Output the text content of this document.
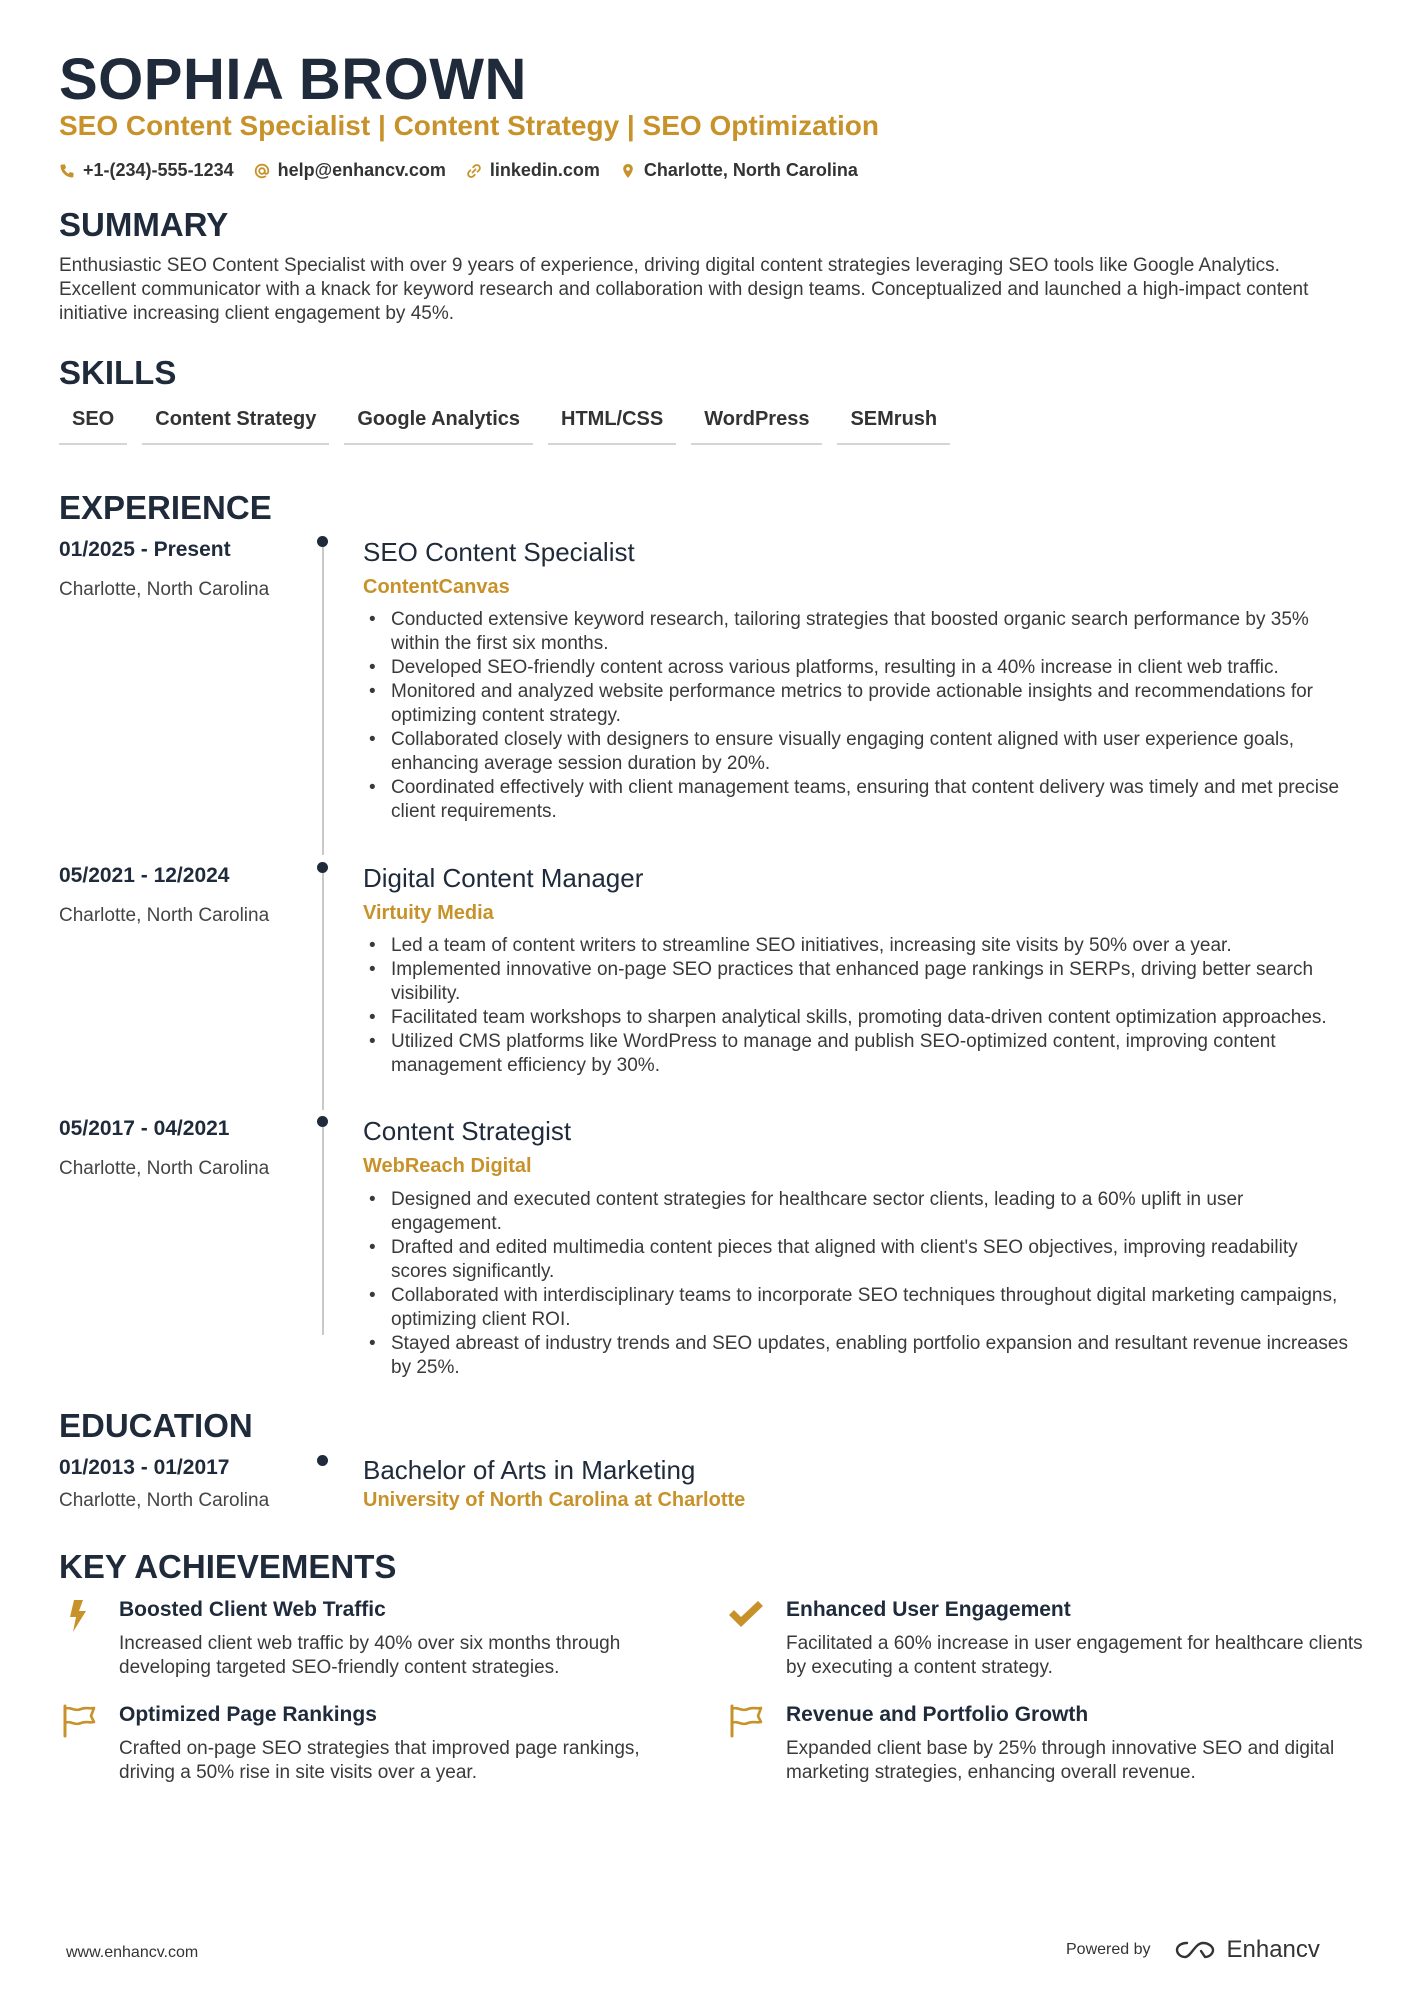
SOPHIA BROWN
SEO Content Specialist | Content Strategy | SEO Optimization
+1-(234)-555-1234 help@enhancv.com linkedin.com Charlotte, North Carolina
SUMMARY
Enthusiastic SEO Content Specialist with over 9 years of experience, driving digital content strategies leveraging SEO tools like Google Analytics. Excellent communicator with a knack for keyword research and collaboration with design teams. Conceptualized and launched a high-impact content initiative increasing client engagement by 45%.
SKILLS
SEO	Content Strategy	Google Analytics	HTML/CSS	WordPress	SEMrush
EXPERIENCE
01/2025 - Present
Charlotte, North Carolina
SEO Content Specialist
ContentCanvas
• Conducted extensive keyword research, tailoring strategies that boosted organic search performance by 35% within the first six months.
• Developed SEO-friendly content across various platforms, resulting in a 40% increase in client web traffic.
• Monitored and analyzed website performance metrics to provide actionable insights and recommendations for optimizing content strategy.
• Collaborated closely with designers to ensure visually engaging content aligned with user experience goals, enhancing average session duration by 20%.
• Coordinated effectively with client management teams, ensuring that content delivery was timely and met precise client requirements.
05/2021 - 12/2024
Charlotte, North Carolina
Digital Content Manager
Virtuity Media
• Led a team of content writers to streamline SEO initiatives, increasing site visits by 50% over a year.
• Implemented innovative on-page SEO practices that enhanced page rankings in SERPs, driving better search visibility.
• Facilitated team workshops to sharpen analytical skills, promoting data-driven content optimization approaches.
• Utilized CMS platforms like WordPress to manage and publish SEO-optimized content, improving content management efficiency by 30%.
05/2017 - 04/2021
Charlotte, North Carolina
Content Strategist
WebReach Digital
• Designed and executed content strategies for healthcare sector clients, leading to a 60% uplift in user engagement.
• Drafted and edited multimedia content pieces that aligned with client's SEO objectives, improving readability scores significantly.
• Collaborated with interdisciplinary teams to incorporate SEO techniques throughout digital marketing campaigns, optimizing client ROI.
• Stayed abreast of industry trends and SEO updates, enabling portfolio expansion and resultant revenue increases by 25%.
EDUCATION
01/2013 - 01/2017
Charlotte, North Carolina
Bachelor of Arts in Marketing
University of North Carolina at Charlotte
KEY ACHIEVEMENTS
Boosted Client Web Traffic
Increased client web traffic by 40% over six months through developing targeted SEO-friendly content strategies.
Enhanced User Engagement
Facilitated a 60% increase in user engagement for healthcare clients by executing a content strategy.
Optimized Page Rankings
Crafted on-page SEO strategies that improved page rankings, driving a 50% rise in site visits over a year.
Revenue and Portfolio Growth
Expanded client base by 25% through innovative SEO and digital marketing strategies, enhancing overall revenue.
www.enhancv.com	Powered by	Enhancv
